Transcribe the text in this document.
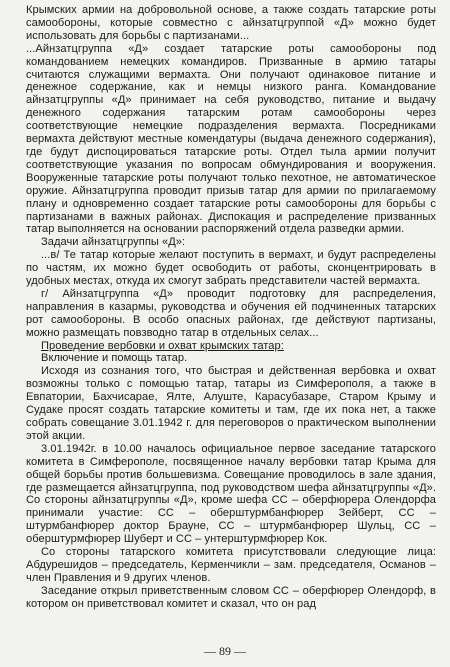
Крымских армии на добровольной основе, а также создать татарские роты самообороны, которые совместно с айнзатцгруппой «Д» можно будет использовать для борьбы с партизанами...

...Айнзатцгруппа «Д» создает татарские роты самообороны под командованием немецких командиров. Призванные в армию татары считаются служащими вермахта. Они получают одинаковое питание и денежное содержание, как и немцы низкого ранга. Командование айнзатцгруппы «Д» принимает на себя руководство, питание и выдачу денежного содержания татарским ротам самообороны через соответствующие немецкие подразделения вермахта. Посредниками вермахта действуют местные комендатуры (выдача денежного содержания), где будут диспоцироваться татарские роты. Отдел тыла армии получит соответствующие указания по вопросам обмундирования и вооружения. Вооруженные татарские роты получают только пехотное, не автоматическое оружие. Айнзатцгруппа проводит призыв татар для армии по прилагаемому плану и одновременно создает татарские роты самообороны для борьбы с партизанами в важных районах. Диспокация и распределение призванных татар выполняется на основании распоряжений отдела разведки армии.

Задачи айнзатцгруппы «Д»:

...в/ Те татар которые желают поступить в вермахт, и будут распределены по частям, их можно будет освободить от работы, сконцентрировать в удобных местах, откуда их смогут забрать представители частей вермахта.

г/ Айнзатцгруппа «Д» проводит подготовку для распределения, направления в казармы, руководства и обучения ей подчиненных татарских рот самообороны. В особо опасных районах, где действуют партизаны, можно размещать повзводно татар в отдельных селах...

Проведение вербовки и охват крымских татар:

Включение и помощь татар.

Исходя из сознания того, что быстрая и действенная вербовка и охват возможны только с помощью татар, татары из Симферополя, а также в Евпатории, Бахчисарае, Ялте, Алуште, Карасубазаре, Старом Крыму и Судаке просят создать татарские комитеты и там, где их пока нет, а также собрать совещание 3.01.1942 г. для переговоров о практическом выполнении этой акции.

3.01.1942г. в 10.00 началось официальное первое заседание татарского комитета в Симферополе, посвященное началу вербовки татар Крыма для общей борьбы против большевизма. Совещание проводилось в зале здания, где размещается айнзатцгруппа, под руководством шефа айнзатцгруппы «Д». Со стороны айнзатцгруппы «Д», кроме шефа СС – оберфюрера Олендорфа принимали участие: СС – оберштурмбанфюрер Зейберт, СС – штурмбанфюрер доктор Брауне, СС – штурмбанфюрер Шульц, СС – оберштурмфюрер Шуберт и СС – унтерштурмфюрер Кок.

Со стороны татарского комитета присутствовали следующие лица: Абдурешидов – председатель, Керменчикли – зам. председателя, Османов – член Правления и 9 других членов.

Заседание открыл приветственным словом СС – оберфюрер Олендорф, в котором он приветствовал комитет и сказал, что он рад

— 89 —
